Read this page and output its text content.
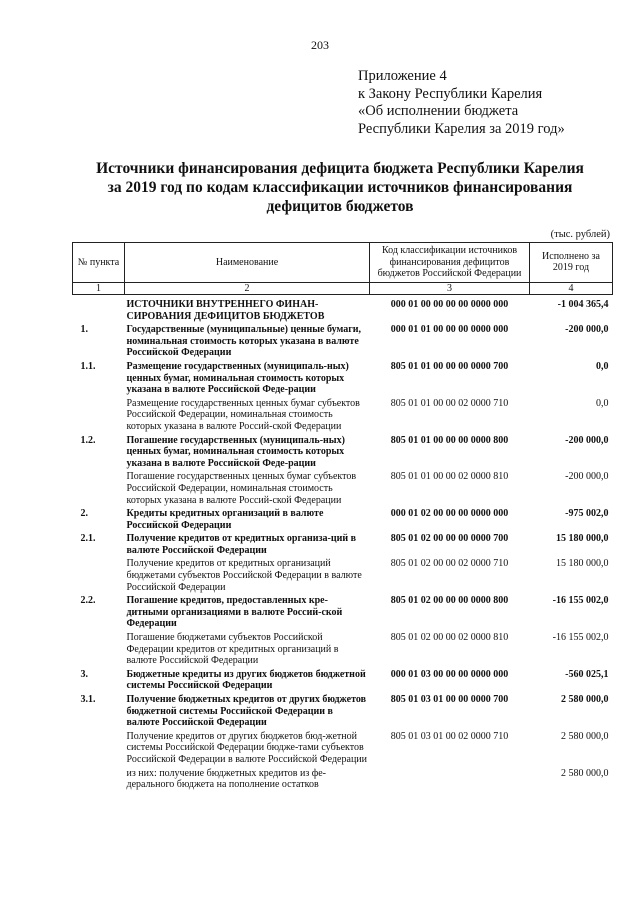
203
Приложение 4
к Закону Республики Карелия
«Об исполнении бюджета
Республики Карелия за 2019 год»
Источники финансирования дефицита бюджета Республики Карелия
за 2019 год по кодам классификации источников финансирования
дефицитов бюджетов
(тыс. рублей)
№ пункта	Наименование	Код классификации источников финансирования дефицитов бюджетов Российской Федерации	Исполнено за 2019 год
1	2	3	4
	ИСТОЧНИКИ ВНУТРЕННЕГО ФИНАН-СИРОВАНИЯ ДЕФИЦИТОВ БЮДЖЕТОВ	000 01 00 00 00 00 0000 000	-1 004 365,4
1.	Государственные (муниципальные) ценные бумаги, номинальная стоимость которых указана в валюте Российской Федерации	000 01 01 00 00 00 0000 000	-200 000,0
1.1.	Размещение государственных (муниципаль-ных) ценных бумаг, номинальная стоимость которых указана в валюте Российской Феде-рации	805 01 01 00 00 00 0000 700	0,0
	Размещение государственных ценных бумаг субъектов Российской Федерации, номинальная стоимость которых указана в валюте Россий-ской Федерации	805 01 01 00 00 02 0000 710	0,0
1.2.	Погашение государственных (муниципаль-ных) ценных бумаг, номинальная стоимость которых указана в валюте Российской Феде-рации	805 01 01 00 00 00 0000 800	-200 000,0
	Погашение государственных ценных бумаг субъектов Российской Федерации, номинальная стоимость которых указана в валюте Россий-ской Федерации	805 01 01 00 00 02 0000 810	-200 000,0
2.	Кредиты кредитных организаций в валюте Российской Федерации	000 01 02 00 00 00 0000 000	-975 002,0
2.1.	Получение кредитов от кредитных организа-ций в валюте Российской Федерации	805 01 02 00 00 00 0000 700	15 180 000,0
	Получение кредитов от кредитных организаций бюджетами субъектов Российской Федерации в валюте Российской Федерации	805 01 02 00 00 02 0000 710	15 180 000,0
2.2.	Погашение кредитов, предоставленных кре-дитными организациями в валюте Россий-ской Федерации	805 01 02 00 00 00 0000 800	-16 155 002,0
	Погашение бюджетами субъектов Российской Федерации кредитов от кредитных организаций в валюте Российской Федерации	805 01 02 00 00 02 0000 810	-16 155 002,0
3.	Бюджетные кредиты из других бюджетов бюджетной системы Российской Федерации	000 01 03 00 00 00 0000 000	-560 025,1
3.1.	Получение бюджетных кредитов от других бюджетов бюджетной системы Российской Федерации в валюте Российской Федерации	805 01 03 01 00 00 0000 700	2 580 000,0
	Получение кредитов от других бюджетов бюд-жетной системы Российской Федерации бюдже-тами субъектов Российской Федерации в валюте Российской Федерации	805 01 03 01 00 02 0000 710	2 580 000,0
	из них: получение бюджетных кредитов из фе-дерального бюджета на пополнение остатков		2 580 000,0
